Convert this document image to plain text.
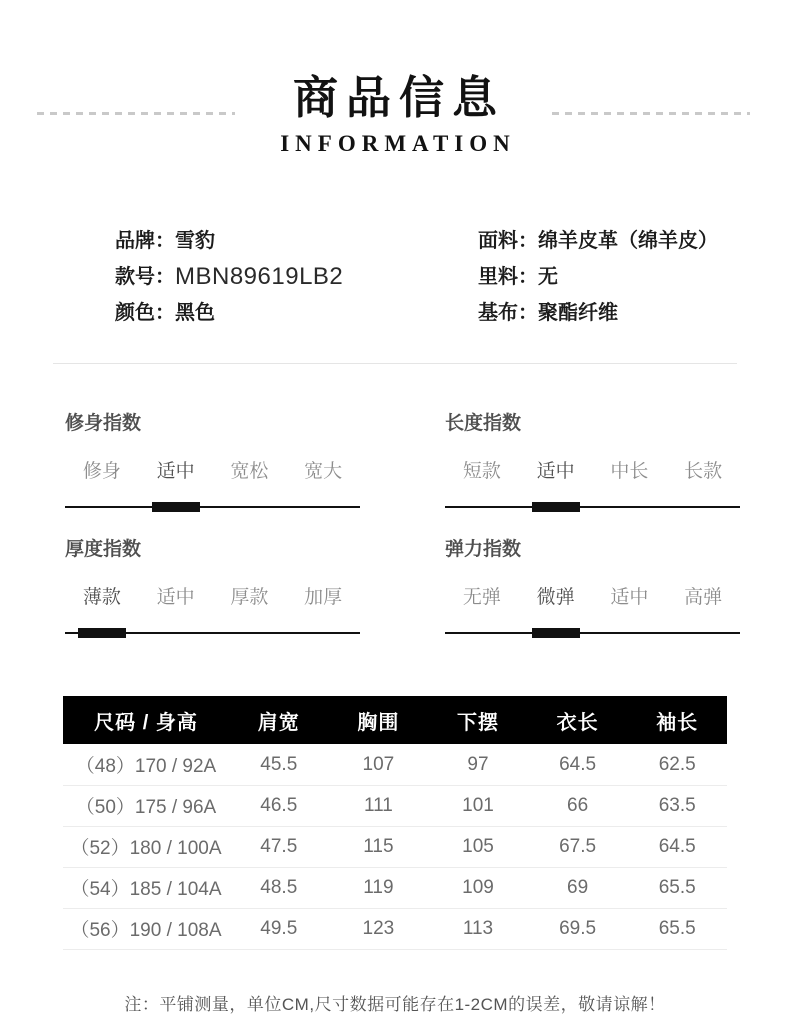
商品信息
INFORMATION
品牌： 雪豹
款号： MBN89619LB2
颜色： 黑色
面料： 绵羊皮革（绵羊皮）
里料： 无
基布： 聚酯纤维
修身指数
修身	适中	宽松	宽大
长度指数
短款	适中	中长	长款
厚度指数
薄款	适中	厚款	加厚
弹力指数
无弹	微弹	适中	高弹
尺码 / 身高	肩宽	胸围	下摆	衣长	袖长
（48）170 / 92A	45.5	107	97	64.5	62.5
（50）175 / 96A	46.5	111	101	66	63.5
（52）180 / 100A	47.5	115	105	67.5	64.5
（54）185 / 104A	48.5	119	109	69	65.5
（56）190 / 108A	49.5	123	113	69.5	65.5

注：平铺测量，单位CM,尺寸数据可能存在1-2CM的误差，敬请谅解！
